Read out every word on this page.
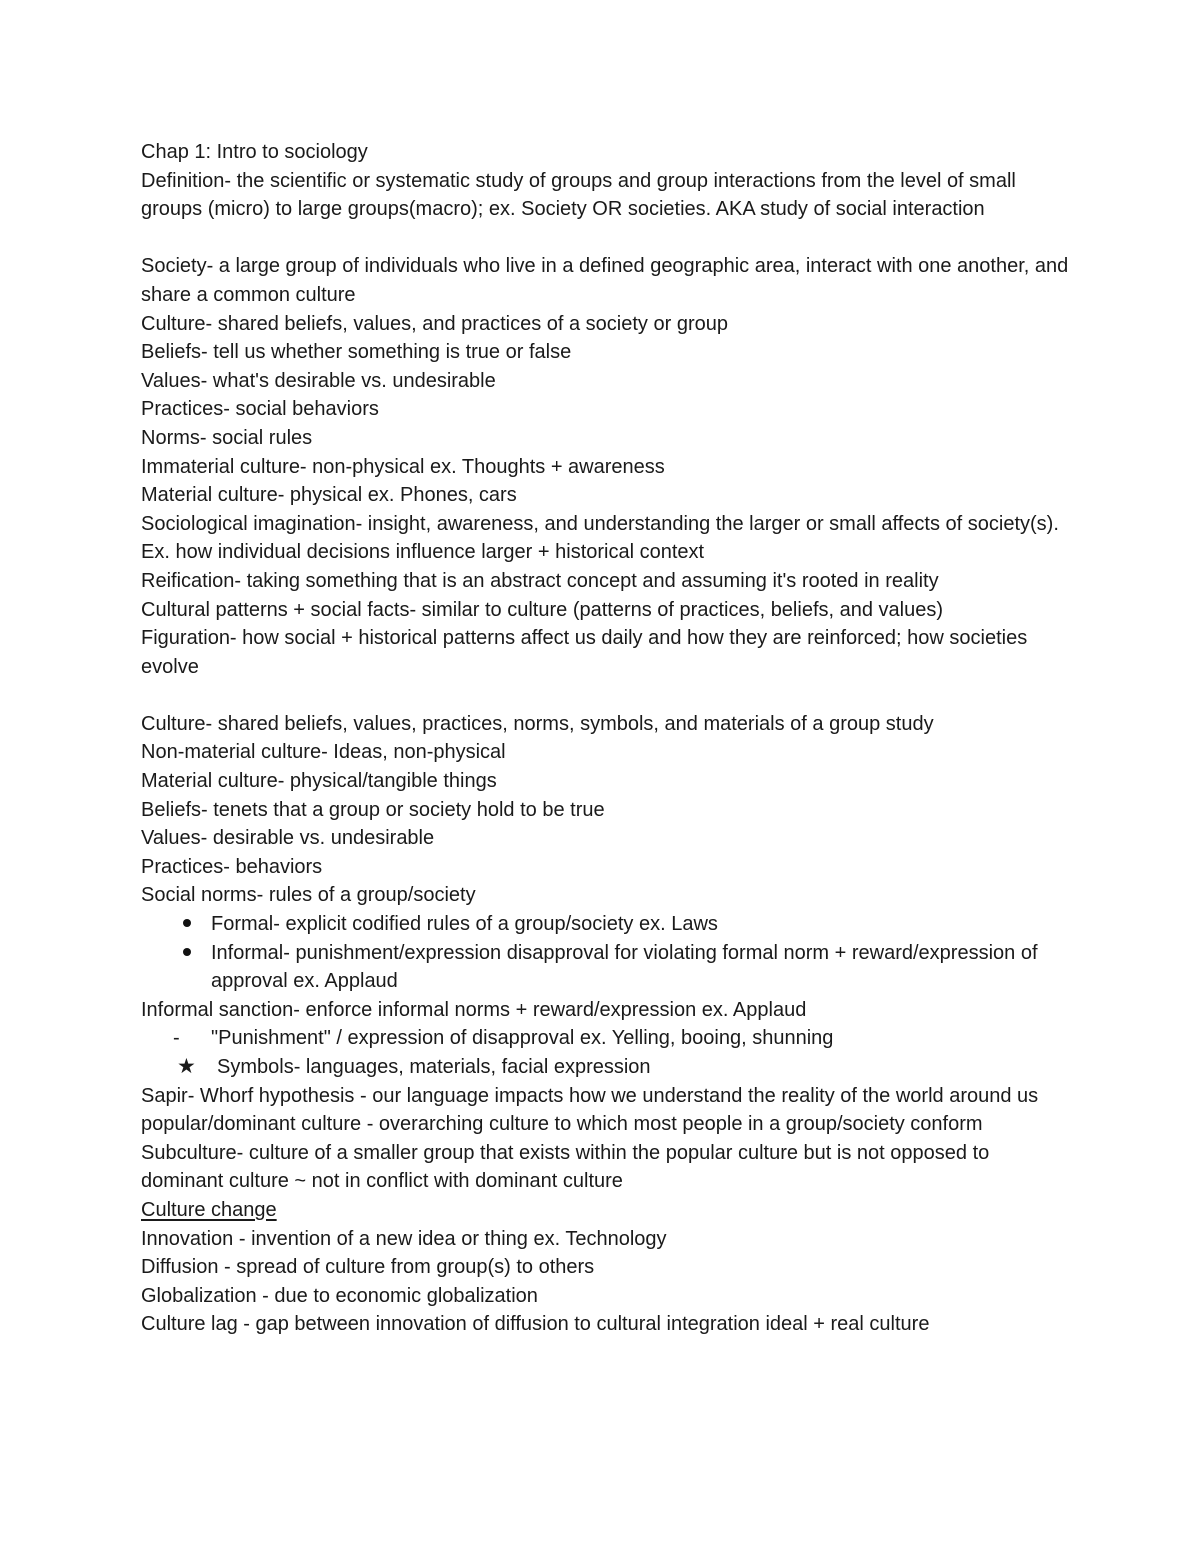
Chap 1: Intro to sociology

Definition- the scientific or systematic study of groups and group interactions from the level of small groups (micro) to large groups(macro); ex. Society OR societies. AKA study of social interaction

Society- a large group of individuals who live in a defined geographic area, interact with one another, and share a common culture

Culture- shared beliefs, values, and practices of a society or group

Beliefs- tell us whether something is true or false

Values- what's desirable vs. undesirable

Practices- social behaviors

Norms- social rules

Immaterial culture- non-physical ex. Thoughts + awareness

Material culture- physical ex. Phones, cars

Sociological imagination- insight, awareness, and understanding the larger or small affects of society(s). Ex. how individual decisions influence larger + historical context

Reification- taking something that is an abstract concept and assuming it's rooted in reality

Cultural patterns + social facts- similar to culture (patterns of practices, beliefs, and values)

Figuration- how social + historical patterns affect us daily and how they are reinforced; how societies evolve

Culture- shared beliefs, values, practices, norms, symbols, and materials of a group study

Non-material culture- Ideas, non-physical

Material culture- physical/tangible things

Beliefs- tenets that a group or society hold to be true

Values- desirable vs. undesirable

Practices- behaviors

Social norms- rules of a group/society

Formal- explicit codified rules of a group/society ex. Laws
Informal- punishment/expression disapproval for violating formal norm + reward/expression of approval ex. Applaud

Informal sanction- enforce informal norms + reward/expression ex. Applaud

- "Punishment" / expression of disapproval ex. Yelling, booing, shunning
★ Symbols- languages, materials, facial expression

Sapir- Whorf hypothesis - our language impacts how we understand the reality of the world around us

popular/dominant culture - overarching culture to which most people in a group/society conform

Subculture- culture of a smaller group that exists within the popular culture but is not opposed to dominant culture ~ not in conflict with dominant culture

Culture change

Innovation - invention of a new idea or thing ex. Technology

Diffusion - spread of culture from group(s) to others

Globalization - due to economic globalization

Culture lag - gap between innovation of diffusion to cultural integration ideal + real culture
